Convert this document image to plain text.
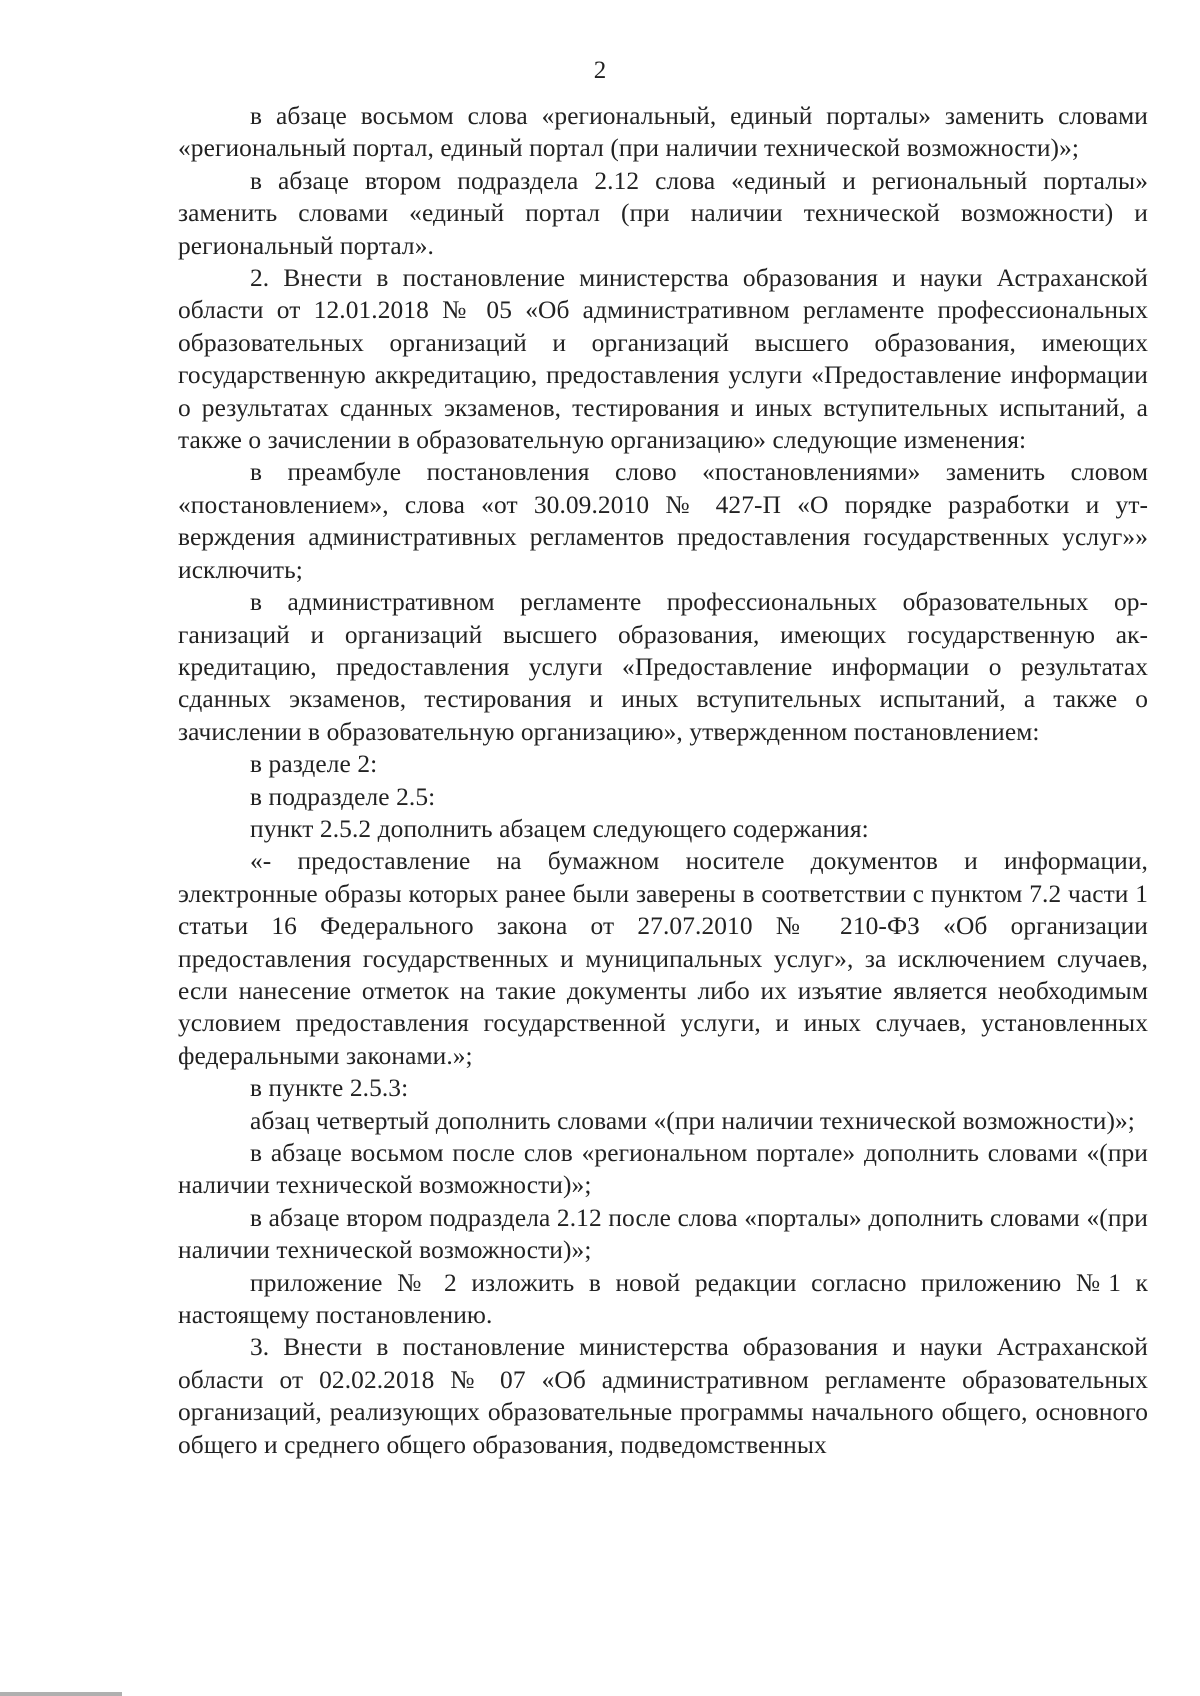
2

в абзаце восьмом слова «региональный, единый порталы» заменить словами «региональный портал, единый портал (при наличии технической возможности)»;

в абзаце втором подраздела 2.12 слова «единый и региональный порталы» заменить словами «единый портал (при наличии технической возможности) и региональный портал».

2. Внести в постановление министерства образования и науки Астраханской области от 12.01.2018 № 05 «Об административном регламенте профессиональных образовательных организаций и организаций высшего образования, имеющих государственную аккредитацию, предоставления услуги «Предоставление информации о результатах сданных экзаменов, тестирования и иных вступительных испытаний, а также о зачислении в образовательную организацию» следующие изменения:

в преамбуле постановления слово «постановлениями» заменить словом «постановлением», слова «от 30.09.2010 № 427-П «О порядке разработки и утверждения административных регламентов предоставления государственных услуг»» исключить;

в административном регламенте профессиональных образовательных организаций и организаций высшего образования, имеющих государственную аккредитацию, предоставления услуги «Предоставление информации о результатах сданных экзаменов, тестирования и иных вступительных испытаний, а также о зачислении в образовательную организацию», утвержденном постановлением:

в разделе 2:

в подразделе 2.5:

пункт 2.5.2 дополнить абзацем следующего содержания:

«- предоставление на бумажном носителе документов и информации, электронные образы которых ранее были заверены в соответствии с пунктом 7.2 части 1 статьи 16 Федерального закона от 27.07.2010 № 210-ФЗ «Об организации предоставления государственных и муниципальных услуг», за исключением случаев, если нанесение отметок на такие документы либо их изъятие является необходимым условием предоставления государственной услуги, и иных случаев, установленных федеральными законами.»;

в пункте 2.5.3:

абзац четвертый дополнить словами «(при наличии технической возможности)»;

в абзаце восьмом после слов «региональном портале» дополнить словами «(при наличии технической возможности)»;

в абзаце втором подраздела 2.12 после слова «порталы» дополнить словами «(при наличии технической возможности)»;

приложение № 2 изложить в новой редакции согласно приложению №1 к настоящему постановлению.

3. Внести в постановление министерства образования и науки Астраханской области от 02.02.2018 № 07 «Об административном регламенте образовательных организаций, реализующих образовательные программы начального общего, основного общего и среднего общего образования, подведомственных
